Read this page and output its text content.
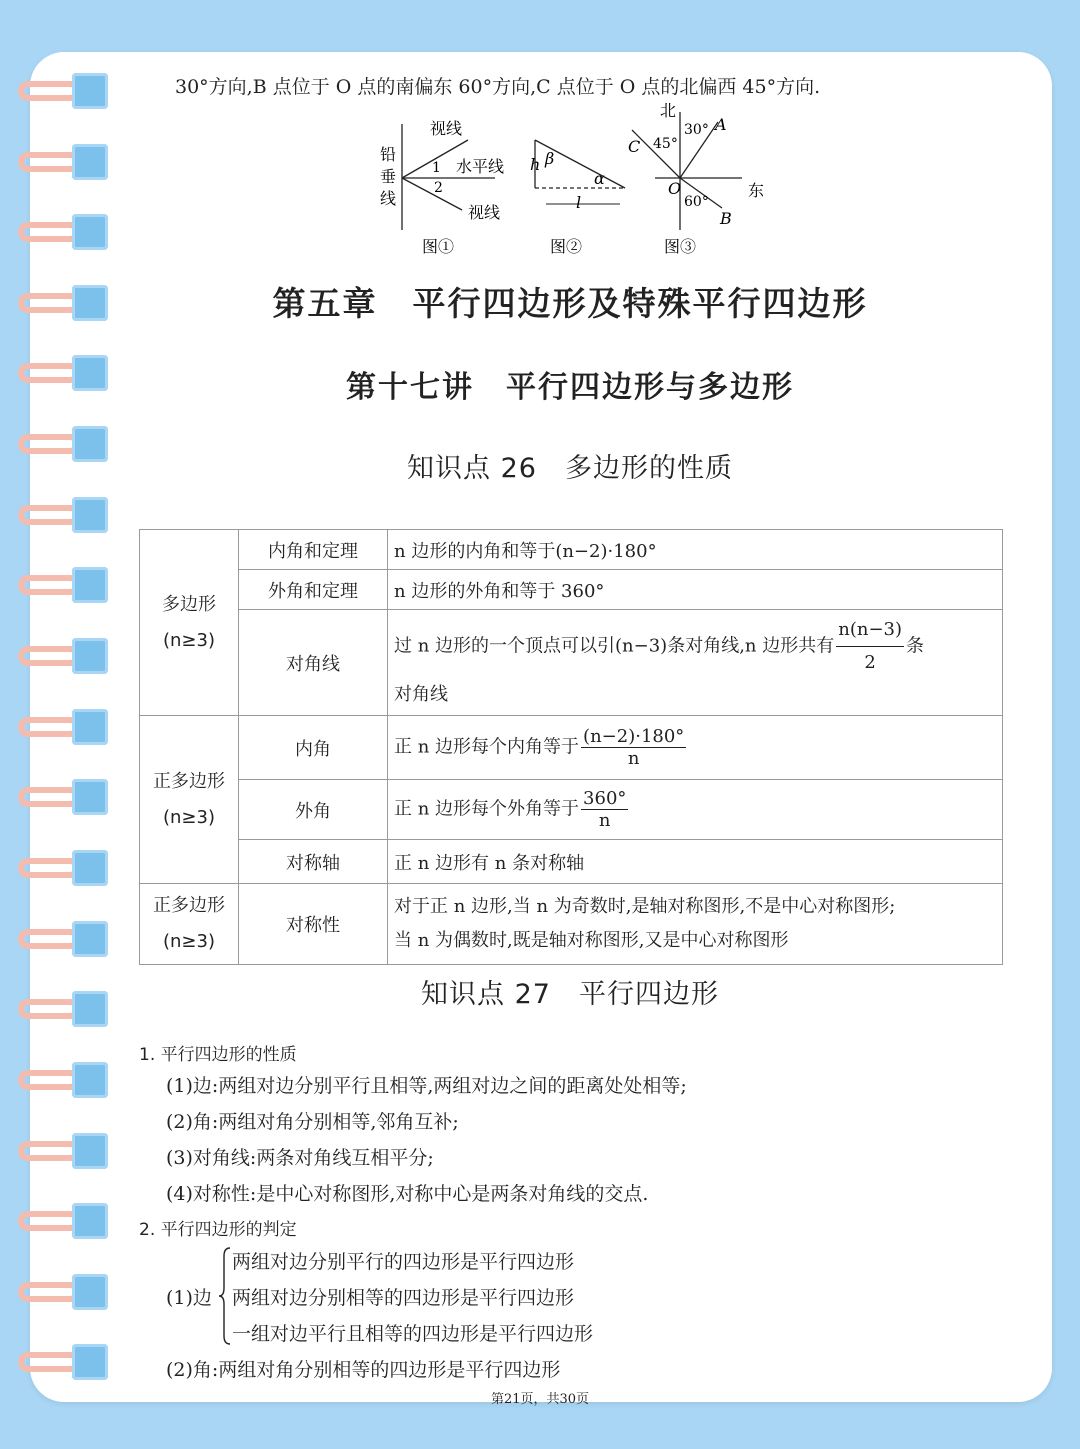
30°方向,B 点位于 O 点的南偏东 60°方向,C 点位于 O 点的北偏西 45°方向.
铅
垂
线
视线
水平线
视线
1
2
图①
h β
α
l
图②
北
东
30°
45°
60°
A
B
C
O
图③
第五章　平行四边形及特殊平行四边形
第十七讲　平行四边形与多边形
知识点 26　多边形的性质
多边形
(n≥3)	内角和定理	n 边形的内角和等于(n−2)·180°
	外角和定理	n 边形的外角和等于 360°
	对角线	过 n 边形的一个顶点可以引(n−3)条对角线,n 边形共有 $\frac{n(n-3)}{2}$ 条
对角线
正多边形
(n≥3)	内角	正 n 边形每个内角等于 $\frac{(n-2)\cdot 180^\circ}{n}$

	外角	正 n 边形每个外角等于 $\frac{360^\circ}{n}$

	对称轴	正 n 边形有 n 条对称轴
正多边形
(n≥3)	对称性	对于正 n 边形,当 n 为奇数时,是轴对称图形,不是中心对称图形;
当 n 为偶数时,既是轴对称图形,又是中心对称图形
知识点 27　平行四边形
1. 平行四边形的性质
(1)边:两组对边分别平行且相等,两组对边之间的距离处处相等;
(2)角:两组对角分别相等,邻角互补;
(3)对角线:两条对角线互相平分;
(4)对称性:是中心对称图形,对称中心是两条对角线的交点.
2. 平行四边形的判定
(1)边
两组对边分别平行的四边形是平行四边形
两组对边分别相等的四边形是平行四边形
一组对边平行且相等的四边形是平行四边形
(2)角:两组对角分别相等的四边形是平行四边形
第21页，共30页
